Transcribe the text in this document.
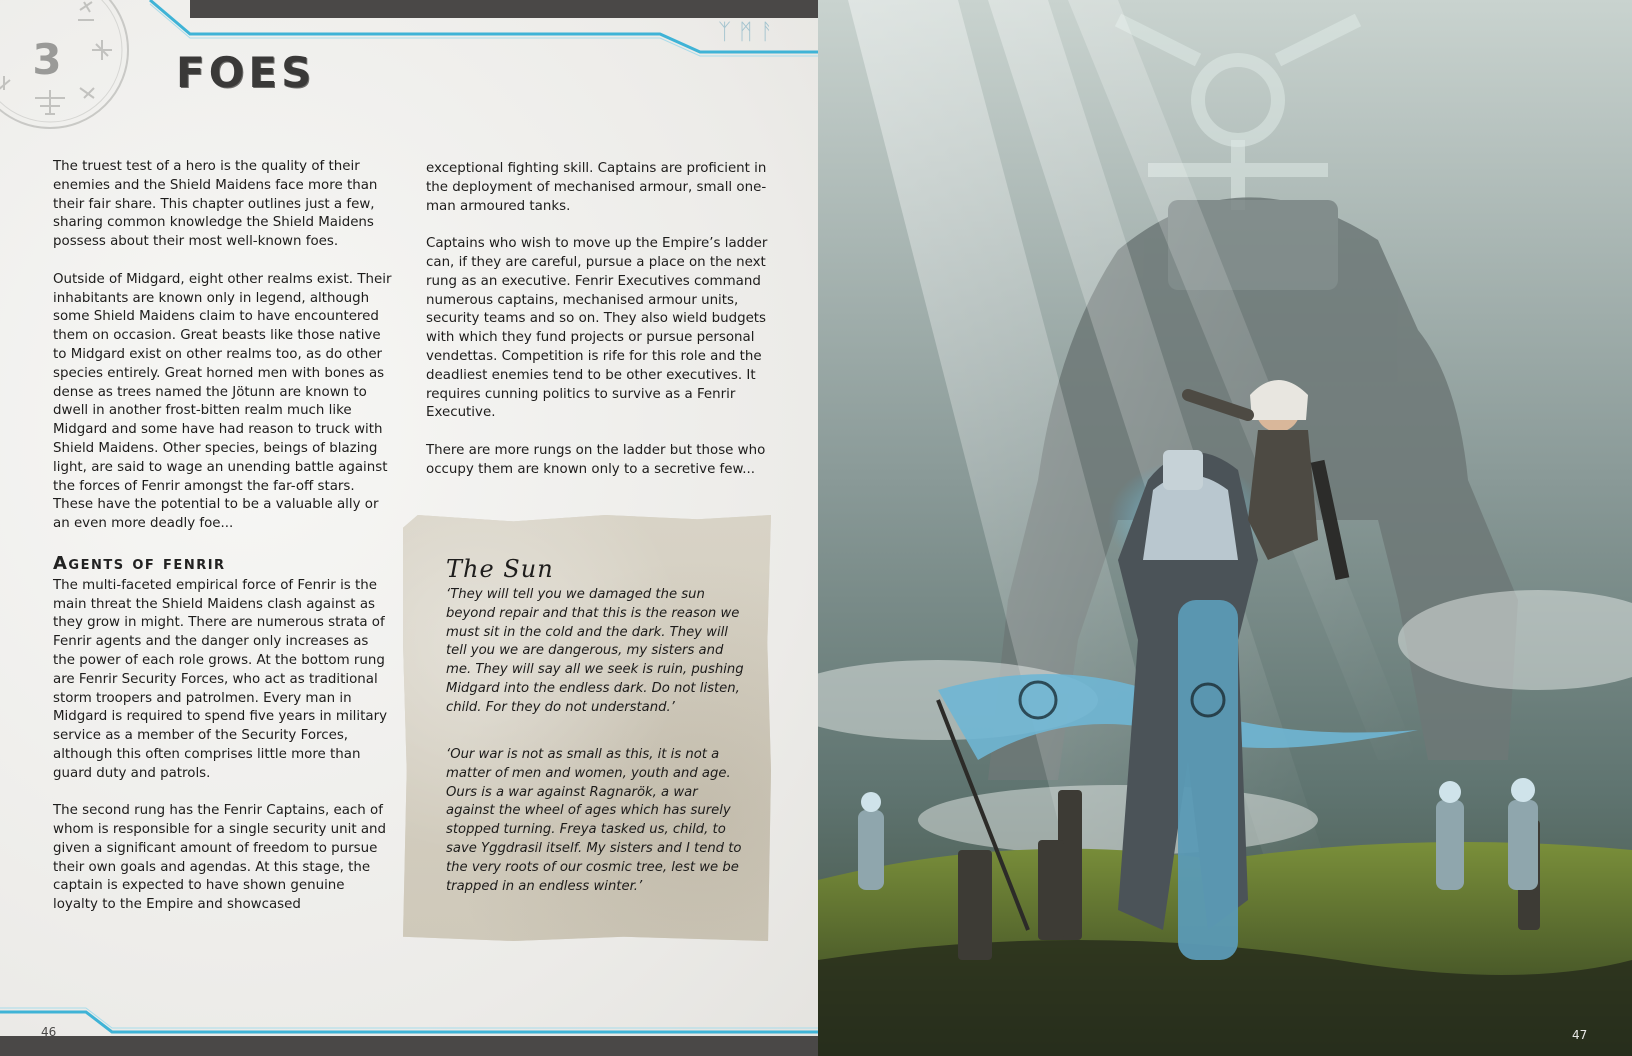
3
ᛉᛗᚨ
FOES

The truest test of a hero is the quality of their enemies and the Shield Maidens face more than their fair share. This chapter outlines just a few, sharing common knowledge the Shield Maidens possess about their most well-known foes.

Outside of Midgard, eight other realms exist. Their inhabitants are known only in legend, although some Shield Maidens claim to have encountered them on occasion. Great beasts like those native to Midgard exist on other realms too, as do other species entirely. Great horned men with bones as dense as trees named the Jötunn are known to dwell in another frost-bitten realm much like Midgard and some have had reason to truck with Shield Maidens. Other species, beings of blazing light, are said to wage an unending battle against the forces of Fenrir amongst the far-off stars. These have the potential to be a valuable ally or an even more deadly foe...

Agents of fenrir

The multi-faceted empirical force of Fenrir is the main threat the Shield Maidens clash against as they grow in might. There are numerous strata of Fenrir agents and the danger only increases as the power of each role grows. At the bottom rung are Fenrir Security Forces, who act as traditional storm troopers and patrolmen. Every man in Midgard is required to spend five years in military service as a member of the Security Forces, although this often comprises little more than guard duty and patrols.

The second rung has the Fenrir Captains, each of whom is responsible for a single security unit and given a significant amount of freedom to pursue their own goals and agendas. At this stage, the captain is expected to have shown genuine loyalty to the Empire and showcased

exceptional fighting skill. Captains are proficient in the deployment of mechanised armour, small one-man armoured tanks.

Captains who wish to move up the Empire’s ladder can, if they are careful, pursue a place on the next rung as an executive. Fenrir Executives command numerous captains, mechanised armour units, security teams and so on. They also wield budgets with which they fund projects or pursue personal vendettas. Competition is rife for this role and the deadliest enemies tend to be other executives. It requires cunning politics to survive as a Fenrir Executive.

There are more rungs on the ladder but those who occupy them are known only to a secretive few...

The Sun
‘They will tell you we damaged the sun beyond repair and that this is the reason we must sit in the cold and the dark. They will tell you we are dangerous, my sisters and me. They will say all we seek is ruin, pushing Midgard into the endless dark. Do not listen, child. For they do not understand.’
‘Our war is not as small as this, it is not a matter of men and women, youth and age. Ours is a war against Ragnarök, a war against the wheel of ages which has surely stopped turning. Freya tasked us, child, to save Yggdrasil itself. My sisters and I tend to the very roots of our cosmic tree, lest we be trapped in an endless winter.’
46	47
